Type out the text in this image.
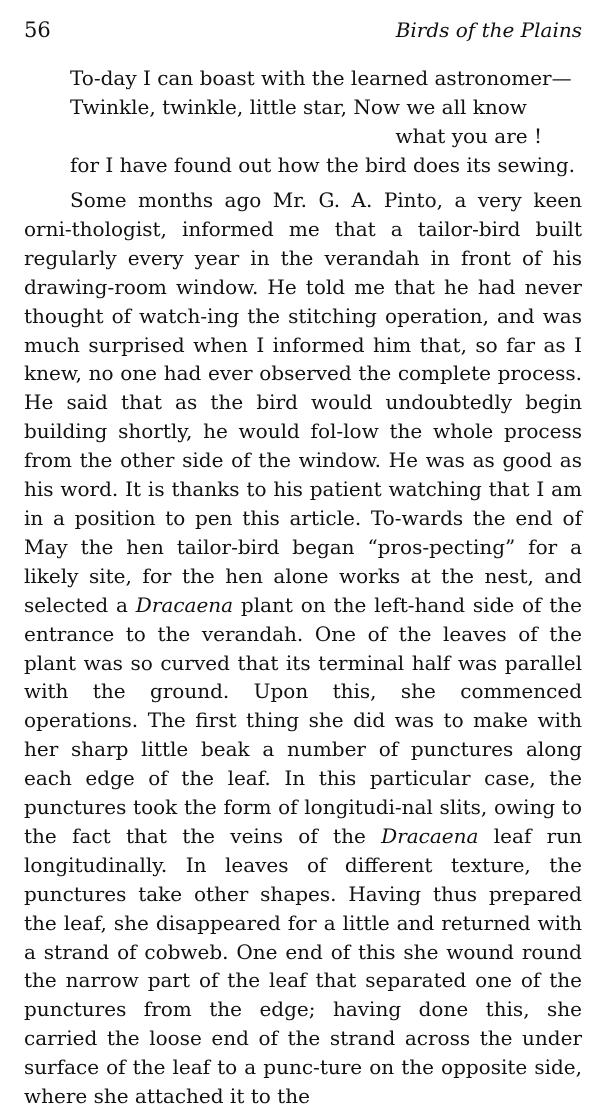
56	Birds of the Plains
To-day I can boast with the learned astronomer—
Twinkle, twinkle, little star, Now we all know
what you are !
for I have found out how the bird does its sewing.
Some months ago Mr. G. A. Pinto, a very keen orni-thologist, informed me that a tailor-bird built regularly every year in the verandah in front of his drawing-room window. He told me that he had never thought of watch-ing the stitching operation, and was much surprised when I informed him that, so far as I knew, no one had ever observed the complete process. He said that as the bird would undoubtedly begin building shortly, he would fol-low the whole process from the other side of the window. He was as good as his word. It is thanks to his patient watching that I am in a position to pen this article. To-wards the end of May the hen tailor-bird began “pros-pecting” for a likely site, for the hen alone works at the nest, and selected a Dracaena plant on the left-hand side of the entrance to the verandah. One of the leaves of the plant was so curved that its terminal half was parallel with the ground. Upon this, she commenced operations. The first thing she did was to make with her sharp little beak a number of punctures along each edge of the leaf. In this particular case, the punctures took the form of longitudi-nal slits, owing to the fact that the veins of the Dracaena leaf run longitudinally. In leaves of different texture, the punctures take other shapes. Having thus prepared the leaf, she disappeared for a little and returned with a strand of cobweb. One end of this she wound round the narrow part of the leaf that separated one of the punctures from the edge; having done this, she carried the loose end of the strand across the under surface of the leaf to a punc-ture on the opposite side, where she attached it to the
